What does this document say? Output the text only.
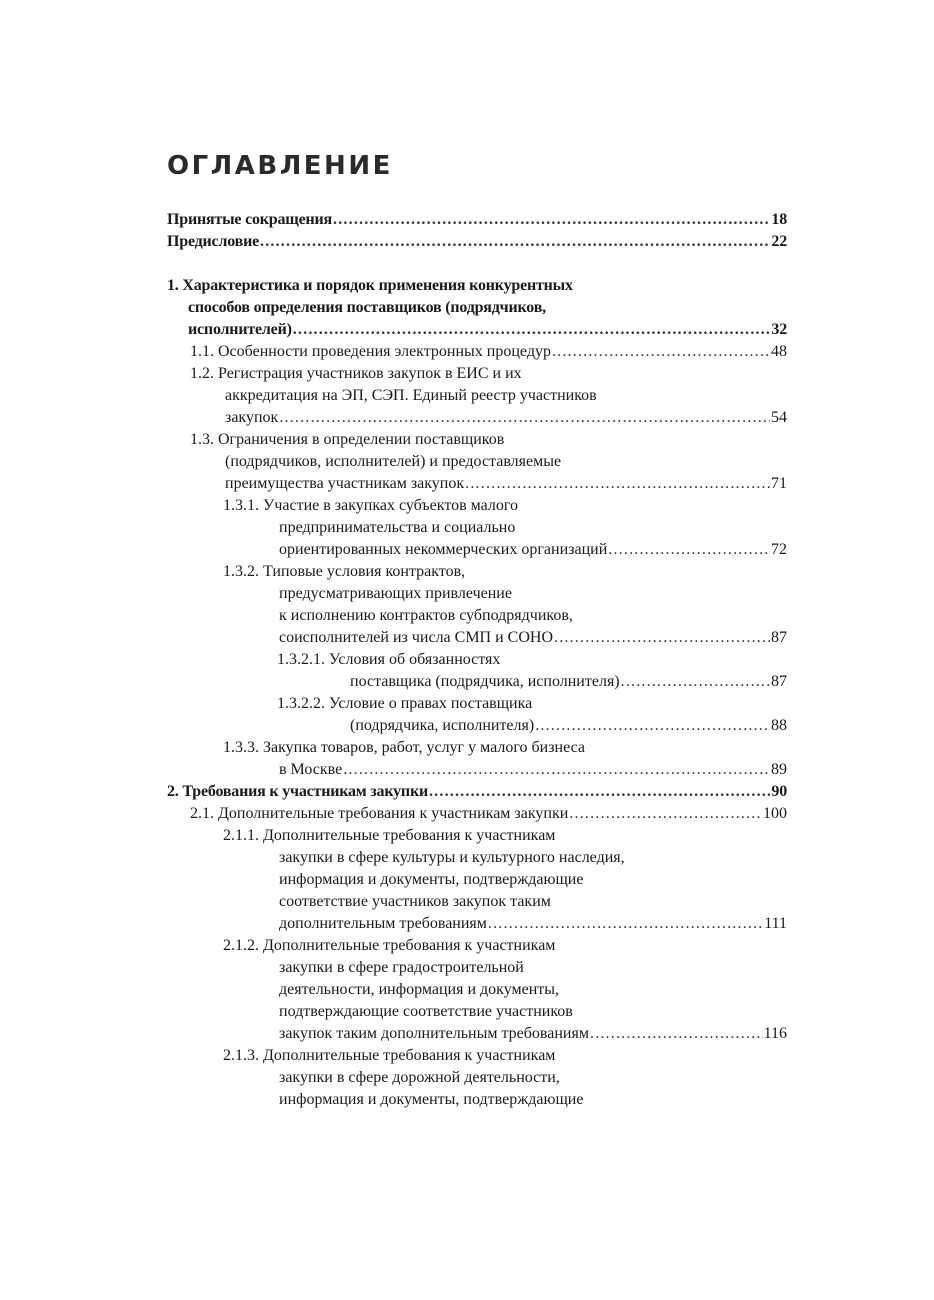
ОГЛАВЛЕНИЕ
Принятые сокращения .....	18
Предисловие .....	22
1. Характеристика и порядок применения конкурентных
способов определения поставщиков (подрядчиков,
исполнителей) .....	32
1.1. Особенности проведения электронных процедур .....	48
1.2. Регистрация участников закупок в ЕИС и их
аккредитация на ЭП, СЭП. Единый реестр участников
закупок .....	54
1.3. Ограничения в определении поставщиков
(подрядчиков, исполнителей) и предоставляемые
преимущества участникам закупок .....	71
1.3.1. Участие в закупках субъектов малого
предпринимательства и социально
ориентированных некоммерческих организаций .....	72
1.3.2. Типовые условия контрактов,
предусматривающих привлечение
к исполнению контрактов субподрядчиков,
соисполнителей из числа СМП и СОНО .....	87
1.3.2.1. Условия об обязанностях
поставщика (подрядчика, исполнителя) .....	87
1.3.2.2. Условие о правах поставщика
(подрядчика, исполнителя) .....	88
1.3.3. Закупка товаров, работ, услуг у малого бизнеса
в Москве .....	89
2. Требования к участникам закупки .....	90
2.1. Дополнительные требования к участникам закупки .....	100
2.1.1. Дополнительные требования к участникам
закупки в сфере культуры и культурного наследия,
информация и документы, подтверждающие
соответствие участников закупок таким
дополнительным требованиям .....	111
2.1.2. Дополнительные требования к участникам
закупки в сфере градостроительной
деятельности, информация и документы,
подтверждающие соответствие участников
закупок таким дополнительным требованиям .....	116
2.1.3. Дополнительные требования к участникам
закупки в сфере дорожной деятельности,
информация и документы, подтверждающие
